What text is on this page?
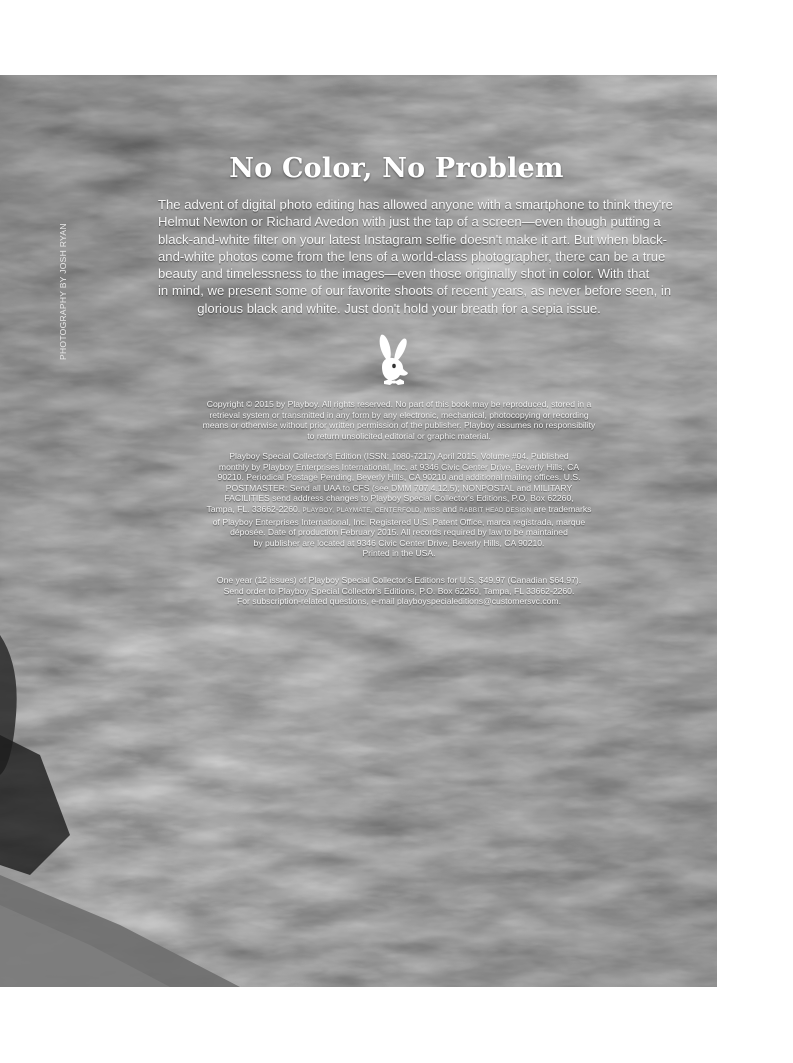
PHOTOGRAPHY BY JOSH RYAN
No Color, No Problem
The advent of digital photo editing has allowed anyone with a smartphone to think they're
Helmut Newton or Richard Avedon with just the tap of a screen—even though putting a
black-and-white filter on your latest Instagram selfie doesn't make it art. But when black-
and-white photos come from the lens of a world-class photographer, there can be a true
beauty and timelessness to the images—even those originally shot in color. With that
in mind, we present some of our favorite shoots of recent years, as never before seen, in
glorious black and white. Just don't hold your breath for a sepia issue.
Copyright © 2015 by Playboy. All rights reserved. No part of this book may be reproduced, stored in a
retrieval system or transmitted in any form by any electronic, mechanical, photocopying or recording
means or otherwise without prior written permission of the publisher. Playboy assumes no responsibility
to return unsolicited editorial or graphic material.
Playboy Special Collector's Edition (ISSN: 1080-7217) April 2015. Volume #04. Published
monthly by Playboy Enterprises International, Inc. at 9346 Civic Center Drive, Beverly Hills, CA
90210. Periodical Postage Pending, Beverly Hills, CA 90210 and additional mailing offices. U.S.
POSTMASTER: Send all UAA to CFS (see DMM 707.4.12.5); NONPOSTAL and MILITARY
FACILITIES send address changes to Playboy Special Collector's Editions, P.O. Box 62260,
Tampa, FL. 33662-2260. PLAYBOY, PLAYMATE, CENTERFOLD, MISS and RABBIT HEAD DESIGN are trademarks
of Playboy Enterprises International, Inc. Registered U.S. Patent Office, marca registrada, marque
déposée. Date of production February 2015. All records required by law to be maintained
by publisher are located at 9346 Civic Center Drive, Beverly Hills, CA 90210.
Printed in the USA.
One year (12 issues) of Playboy Special Collector's Editions for U.S. $49.97 (Canadian $64.97).
Send order to Playboy Special Collector's Editions, P.O. Box 62260, Tampa, FL 33662-2260.
For subscription-related questions, e-mail playboyspecialeditions@customersvc.com.
